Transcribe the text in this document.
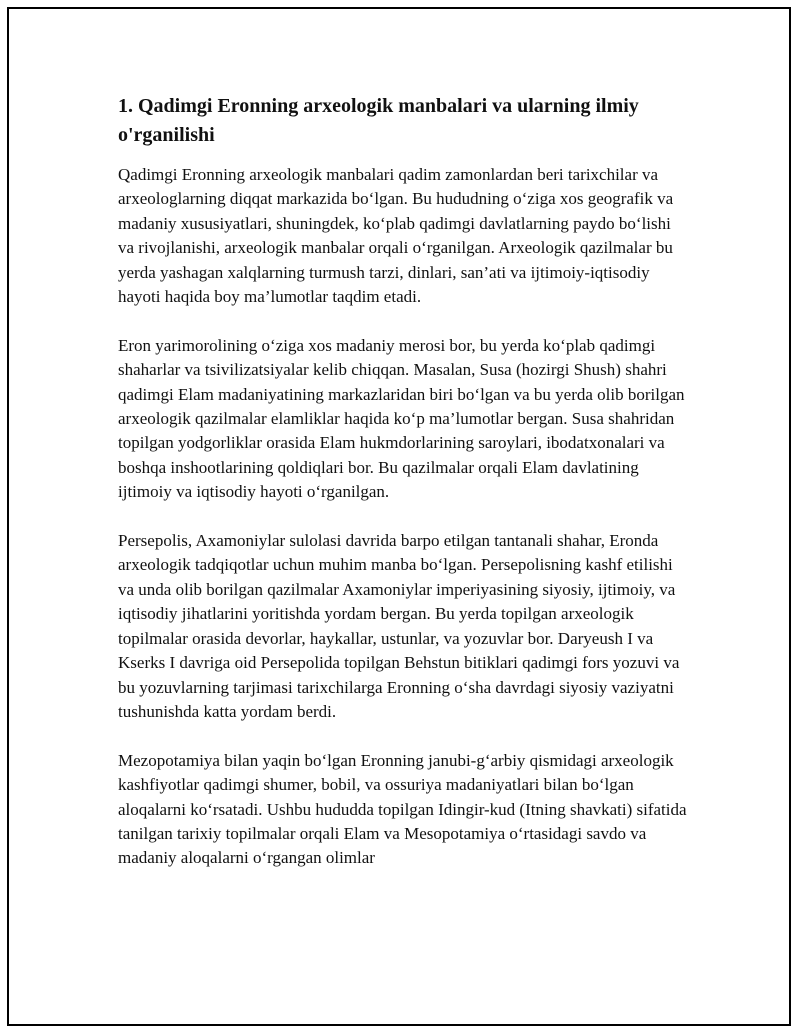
1. Qadimgi Eronning arxeologik manbalari va ularning ilmiy o'rganilishi

Qadimgi Eronning arxeologik manbalari qadim zamonlardan beri tarixchilar va arxeologlarning diqqat markazida bo‘lgan. Bu hududning o‘ziga xos geografik va madaniy xususiyatlari, shuningdek, ko‘plab qadimgi davlatlarning paydo bo‘lishi va rivojlanishi, arxeologik manbalar orqali o‘rganilgan. Arxeologik qazilmalar bu yerda yashagan xalqlarning turmush tarzi, dinlari, san’ati va ijtimoiy-iqtisodiy hayoti haqida boy ma’lumotlar taqdim etadi.

Eron yarimorolining o‘ziga xos madaniy merosi bor, bu yerda ko‘plab qadimgi shaharlar va tsivilizatsiyalar kelib chiqqan. Masalan, Susa (hozirgi Shush) shahri qadimgi Elam madaniyatining markazlaridan biri bo‘lgan va bu yerda olib borilgan arxeologik qazilmalar elamliklar haqida ko‘p ma’lumotlar bergan. Susa shahridan topilgan yodgorliklar orasida Elam hukmdorlarining saroylari, ibodatxonalari va boshqa inshootlarining qoldiqlari bor. Bu qazilmalar orqali Elam davlatining ijtimoiy va iqtisodiy hayoti o‘rganilgan.

Persepolis, Axamoniylar sulolasi davrida barpo etilgan tantanali shahar, Eronda arxeologik tadqiqotlar uchun muhim manba bo‘lgan. Persepolisning kashf etilishi va unda olib borilgan qazilmalar Axamoniylar imperiyasining siyosiy, ijtimoiy, va iqtisodiy jihatlarini yoritishda yordam bergan. Bu yerda topilgan arxeologik topilmalar orasida devorlar, haykallar, ustunlar, va yozuvlar bor. Daryeush I va Kserks I davriga oid Persepolida topilgan Behstun bitiklari qadimgi fors yozuvi va bu yozuvlarning tarjimasi tarixchilarga Eronning o‘sha davrdagi siyosiy vaziyatni tushunishda katta yordam berdi.

Mezopotamiya bilan yaqin bo‘lgan Eronning janubi-g‘arbiy qismidagi arxeologik kashfiyotlar qadimgi shumer, bobil, va ossuriya madaniyatlari bilan bo‘lgan aloqalarni ko‘rsatadi. Ushbu hududda topilgan Idingir-kud (Itning shavkati) sifatida tanilgan tarixiy topilmalar orqali Elam va Mesopotamiya o‘rtasidagi savdo va madaniy aloqalarni o‘rgangan olimlar
